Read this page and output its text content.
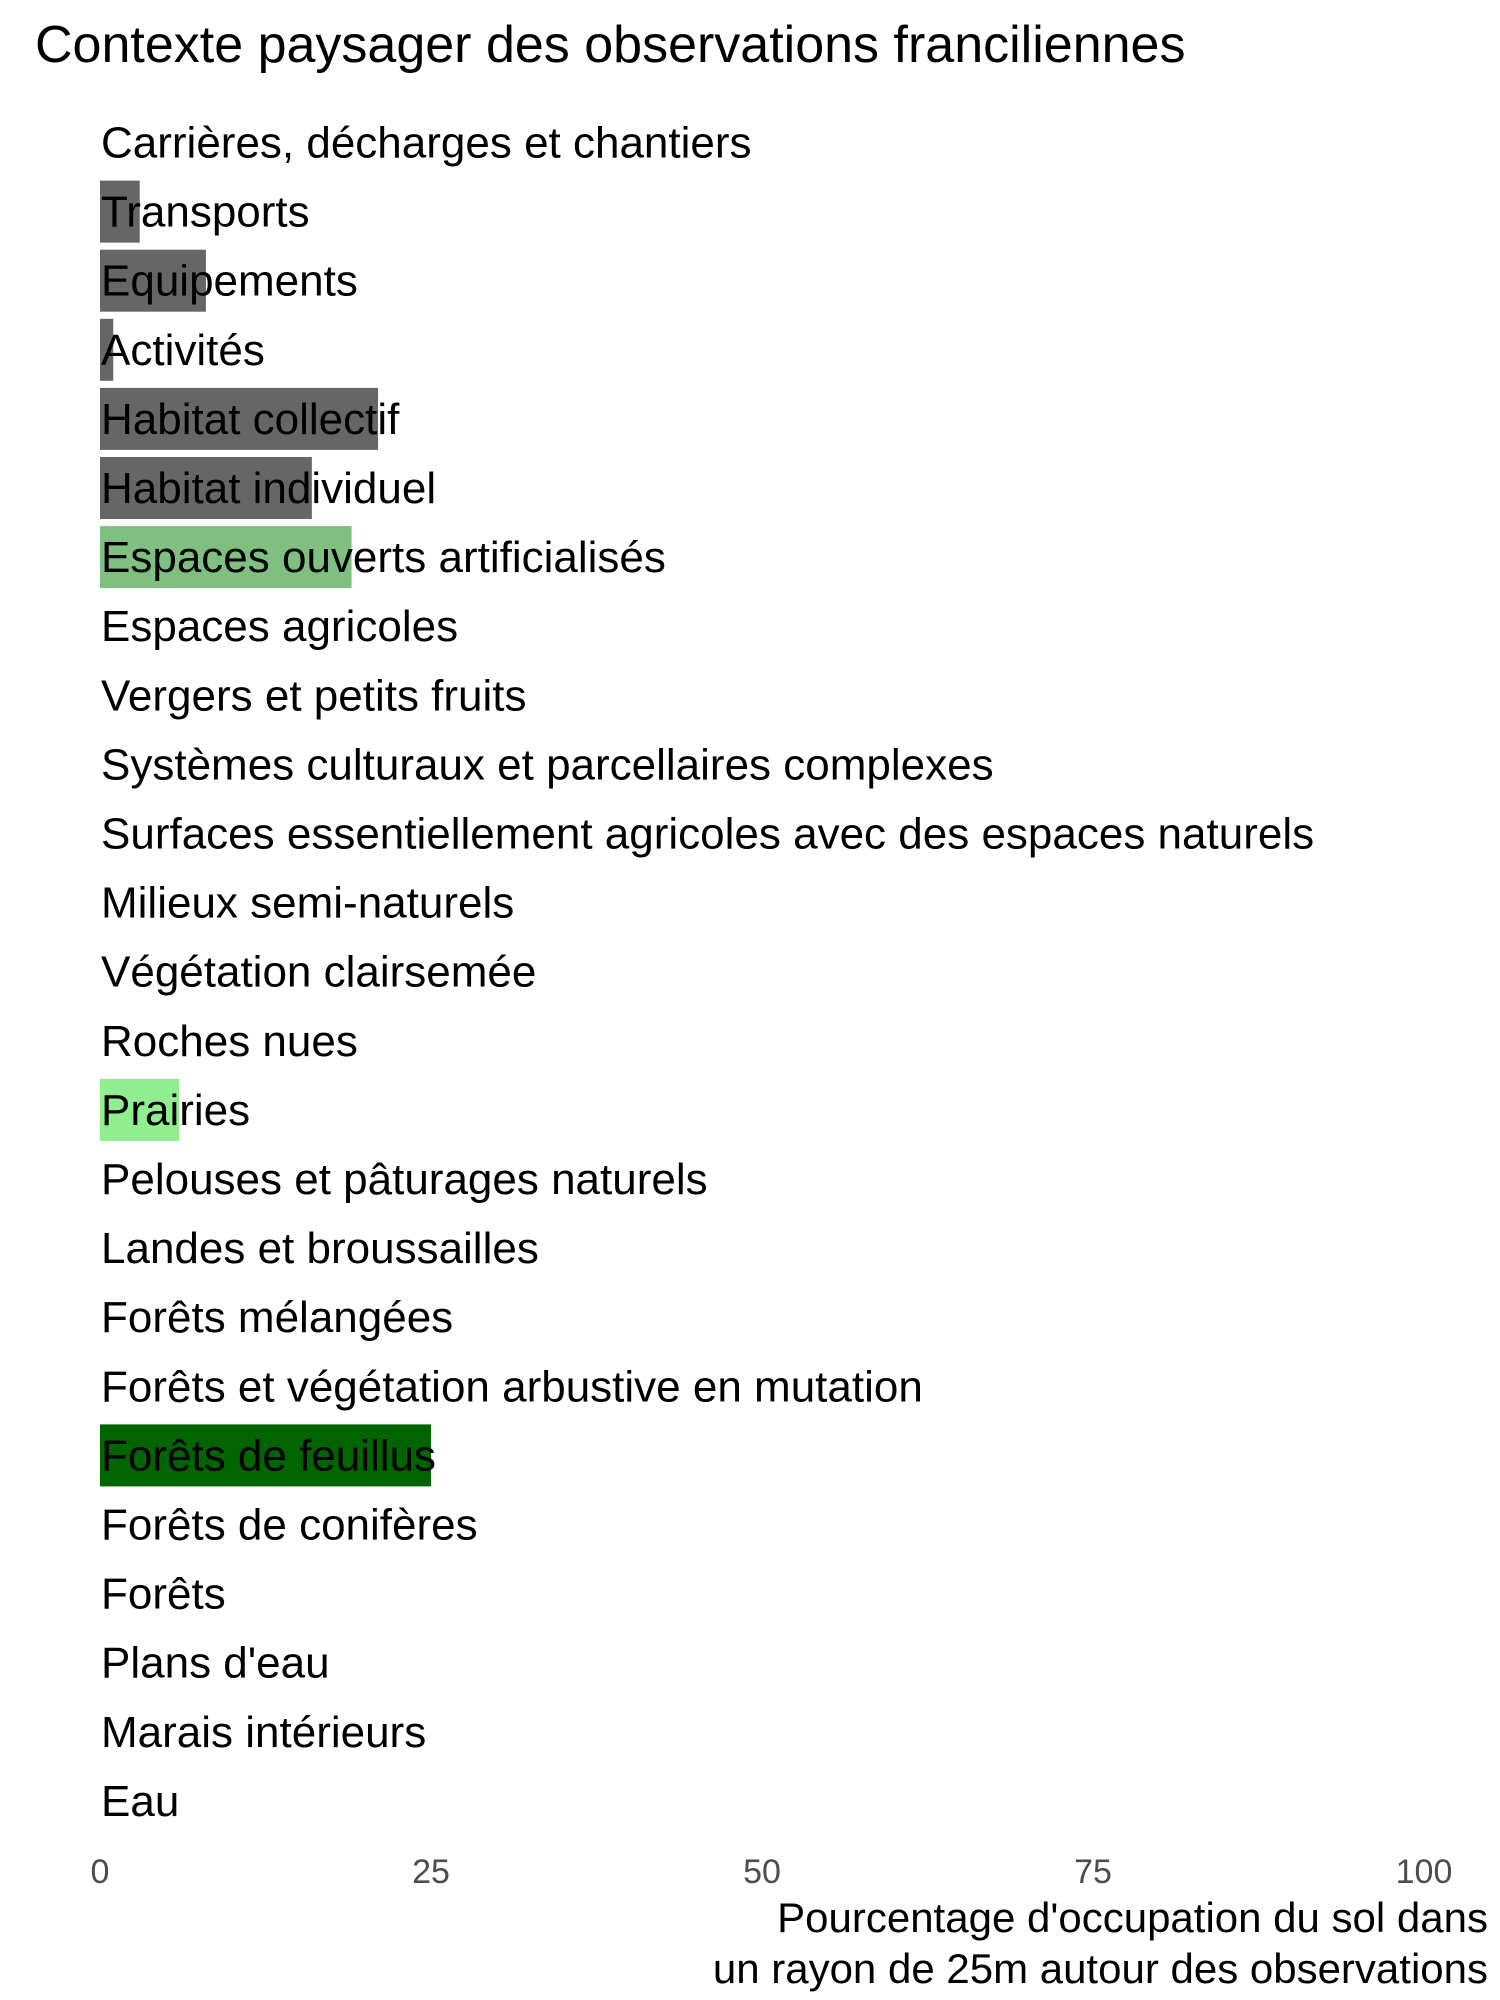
Contexte paysager des observations franciliennes
Carrières, décharges et chantiers
Transports
Equipements
Activités
Habitat collectif
Habitat individuel
Espaces ouverts artificialisés
Espaces agricoles
Vergers et petits fruits
Systèmes culturaux et parcellaires complexes
Surfaces essentiellement agricoles avec des espaces naturels
Milieux semi-naturels
Végétation clairsemée
Roches nues
Prairies
Pelouses et pâturages naturels
Landes et broussailles
Forêts mélangées
Forêts et végétation arbustive en mutation
Forêts de feuillus
Forêts de conifères
Forêts
Plans d'eau
Marais intérieurs
Eau
0	25	50	75	100
Pourcentage d'occupation du sol dans
un rayon de 25m autour des observations
